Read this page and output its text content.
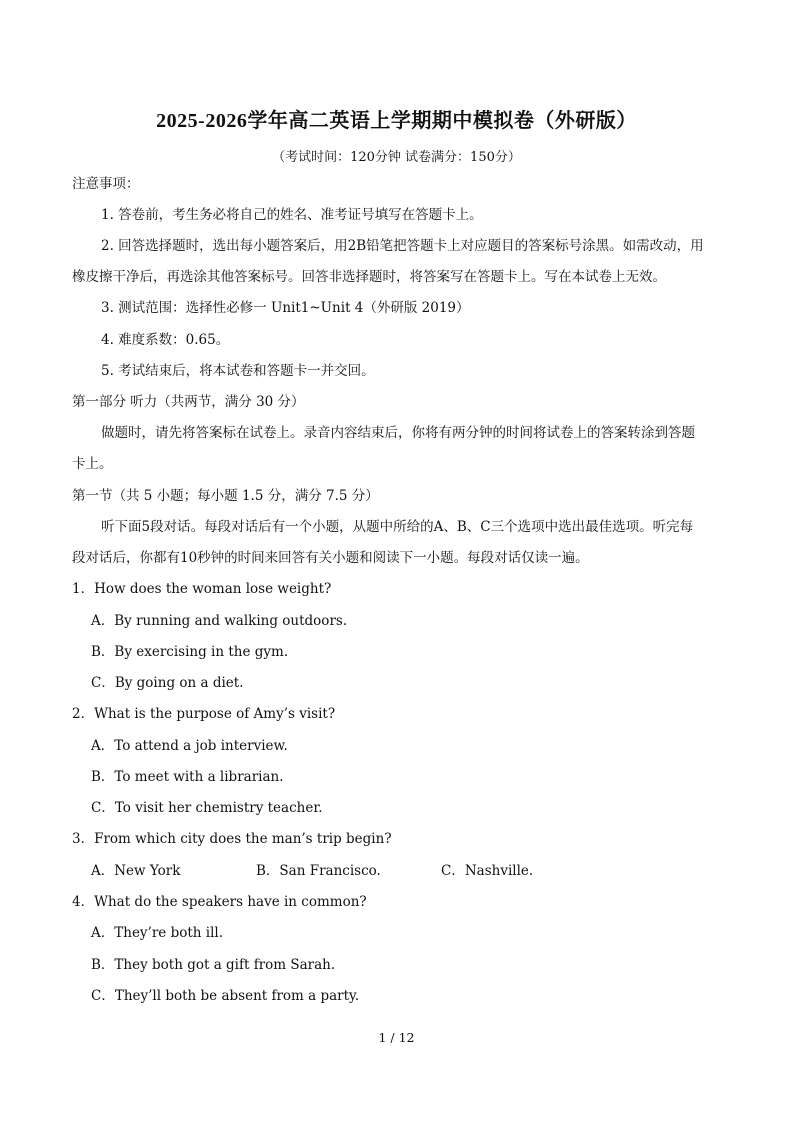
2025-2026学年高二英语上学期期中模拟卷（外研版）
（考试时间：120分钟 试卷满分：150分）
注意事项：
1. 答卷前，考生务必将自己的姓名、准考证号填写在答题卡上。
2. 回答选择题时，选出每小题答案后，用2B铅笔把答题卡上对应题目的答案标号涂黑。如需改动，用
橡皮擦干净后，再选涂其他答案标号。回答非选择题时，将答案写在答题卡上。写在本试卷上无效。
3. 测试范围：选择性必修一 Unit1~Unit 4（外研版 2019）
4. 难度系数：0.65。
5. 考试结束后，将本试卷和答题卡一并交回。
第一部分 听力（共两节，满分 30 分）
做题时，请先将答案标在试卷上。录音内容结束后，你将有两分钟的时间将试卷上的答案转涂到答题
卡上。
第一节（共 5 小题；每小题 1.5 分，满分 7.5 分）
听下面5段对话。每段对话后有一个小题，从题中所给的A、B、C三个选项中选出最佳选项。听完每
段对话后，你都有10秒钟的时间来回答有关小题和阅读下一小题。每段对话仅读一遍。
1．How does the woman lose weight?
A．By running and walking outdoors.
B．By exercising in the gym.
C．By going on a diet.
2．What is the purpose of Amy’s visit?
A．To attend a job interview.
B．To meet with a librarian.
C．To visit her chemistry teacher.
3．From which city does the man’s trip begin?
A．New York	B．San Francisco.	C．Nashville.
4．What do the speakers have in common?
A．They’re both ill.
B．They both got a gift from Sarah.
C．They’ll both be absent from a party.
1 / 12
